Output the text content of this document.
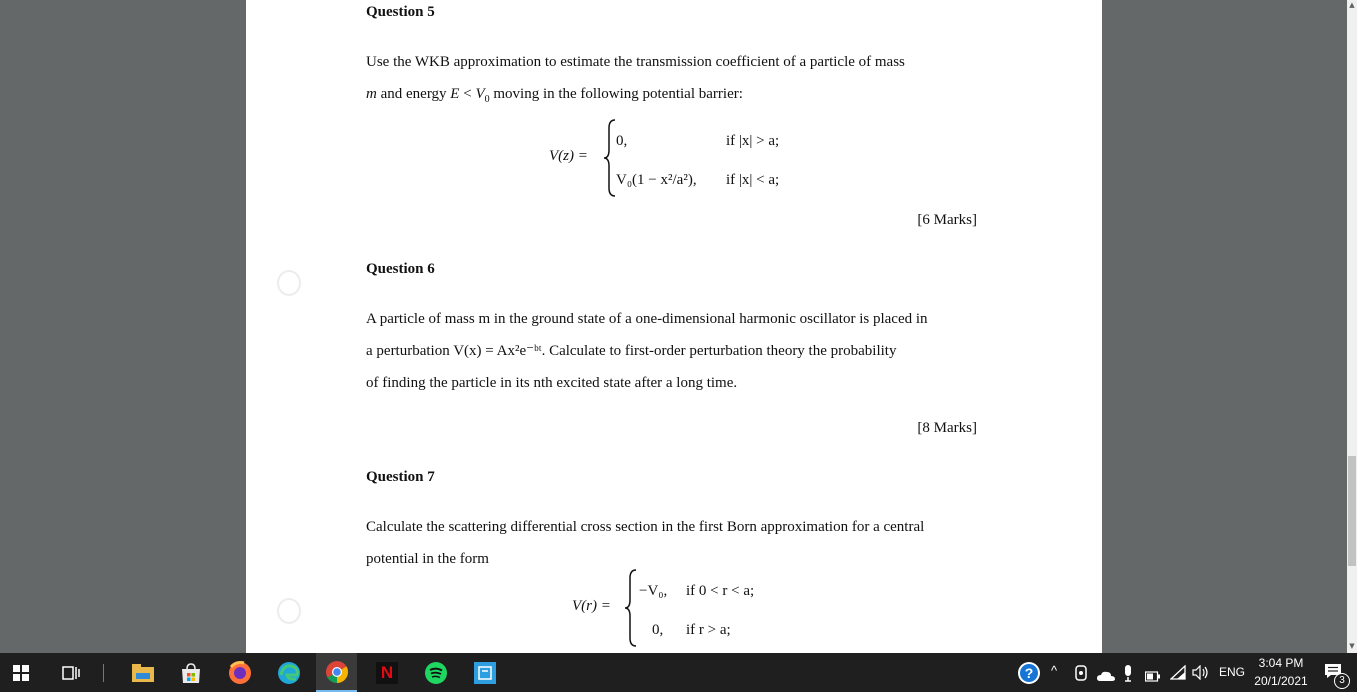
Question 5
Use the WKB approximation to estimate the transmission coefficient of a particle of mass
m and energy $E < V_0$ moving in the following potential barrier:
V(z) =
0,	if |x| > a;
V₀(1 − x²/a²), if |x| < a;
[6 Marks]
Question 6
A particle of mass m in the ground state of a one-dimensional harmonic oscillator is placed in
a perturbation V(x) = Ax²e⁻ᵇᵗ. Calculate to first-order perturbation theory the probability
of finding the particle in its nth excited state after a long time.
[8 Marks]
Question 7
Calculate the scattering differential cross section in the first Born approximation for a central
potential in the form
V(r) =
−V₀, if 0 < r < a;
0, if r > a;
▲
▼
N	?	^	ENG
3:04 PM
20/1/2021	3
